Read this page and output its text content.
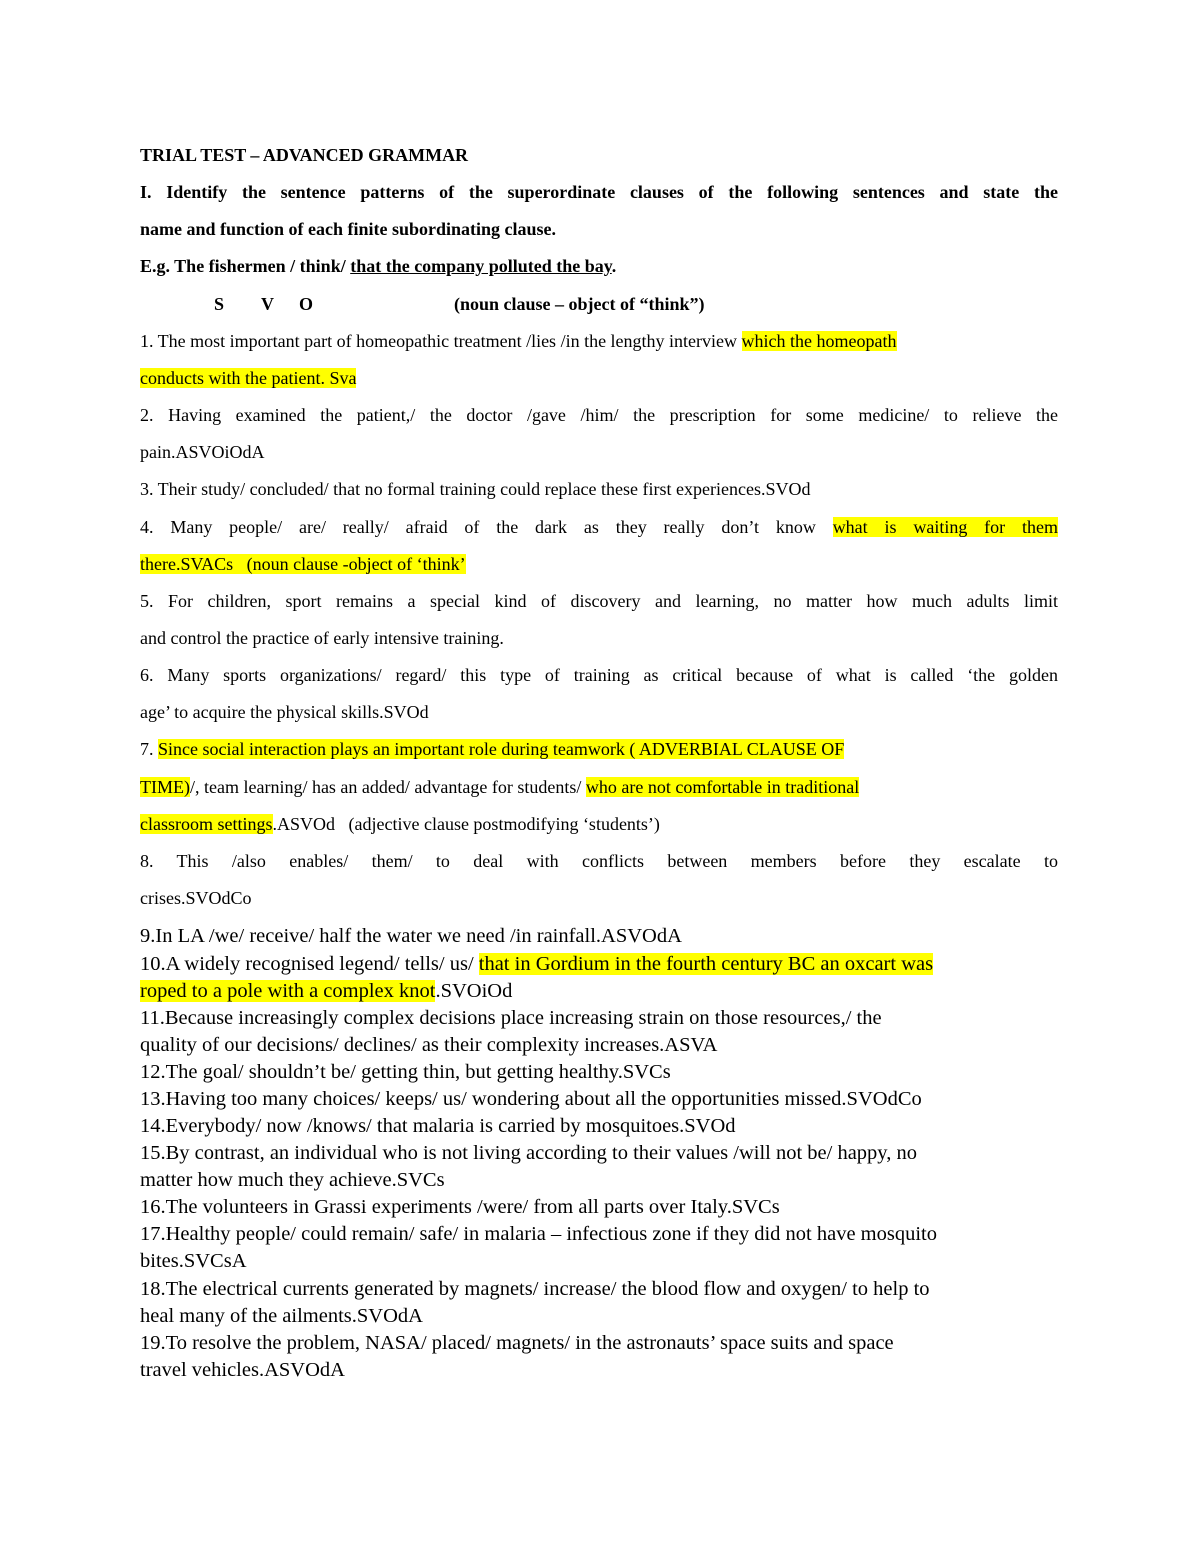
TRIAL TEST – ADVANCED GRAMMAR
I. Identify the sentence patterns of the superordinate clauses of the following sentences and state the
name and function of each finite subordinating clause.
E.g. The fishermen / think/ that the company polluted the bay.
S V O	(noun clause – object of “think”)
1. The most important part of homeopathic treatment /lies /in the lengthy interview which the homeopath
conducts with the patient. Sva
2. Having examined the patient,/ the doctor /gave /him/ the prescription for some medicine/ to relieve the
pain.ASVOiOdA
3. Their study/ concluded/ that no formal training could replace these first experiences.SVOd
4. Many people/ are/ really/ afraid of the dark as they really don’t know what is waiting for them
there.SVACs   (noun clause -object of ‘think’
5. For children, sport remains a special kind of discovery and learning, no matter how much adults limit
and control the practice of early intensive training.
6. Many sports organizations/ regard/ this type of training as critical because of what is called ‘the golden
age’ to acquire the physical skills.SVOd
7. Since social interaction plays an important role during teamwork ( ADVERBIAL CLAUSE OF
TIME)/, team learning/ has an added/ advantage for students/ who are not comfortable in traditional
classroom settings.ASVOd   (adjective clause postmodifying ‘students’)
8. This /also enables/ them/ to deal with conflicts between members before they escalate to
crises.SVOdCo
9.In LA /we/ receive/ half the water we need /in rainfall.ASVOdA
10.A widely recognised legend/ tells/ us/ that in Gordium in the fourth century BC an oxcart was
roped to a pole with a complex knot.SVOiOd
11.Because increasingly complex decisions place increasing strain on those resources,/ the
quality of our decisions/ declines/ as their complexity increases.ASVA
12.The goal/ shouldn’t be/ getting thin, but getting healthy.SVCs
13.Having too many choices/ keeps/ us/ wondering about all the opportunities missed.SVOdCo
14.Everybody/ now /knows/ that malaria is carried by mosquitoes.SVOd
15.By contrast, an individual who is not living according to their values /will not be/ happy, no
matter how much they achieve.SVCs
16.The volunteers in Grassi experiments /were/ from all parts over Italy.SVCs
17.Healthy people/ could remain/ safe/ in malaria – infectious zone if they did not have mosquito
bites.SVCsA
18.The electrical currents generated by magnets/ increase/ the blood flow and oxygen/ to help to
heal many of the ailments.SVOdA
19.To resolve the problem, NASA/ placed/ magnets/ in the astronauts’ space suits and space
travel vehicles.ASVOdA
